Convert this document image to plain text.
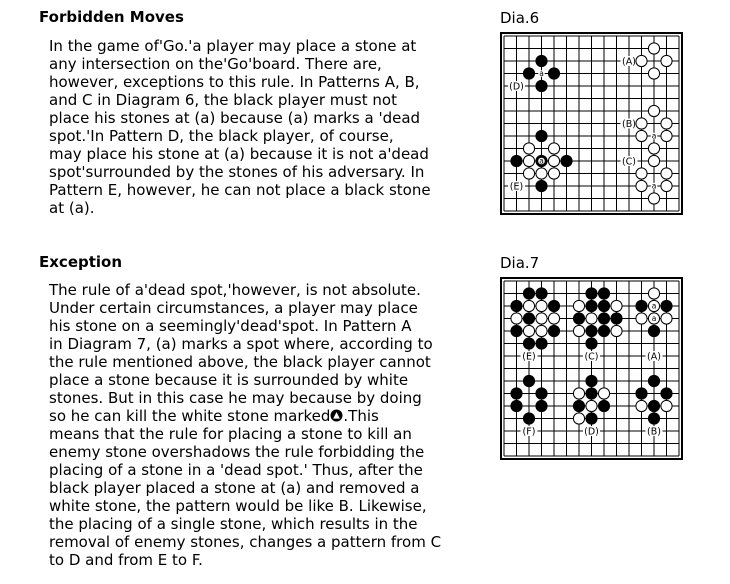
Forbidden Moves

In the game of'Go.'a player may place a stone at
any intersection on the'Go'board. There are,
however, exceptions to this rule. In Patterns A, B,
and C in Diagram 6, the black player must not
place his stones at (a) because (a) marks a 'dead
spot.'In Pattern D, the black player, of course,
may place his stone at (a) because it is not a'dead
spot'surrounded by the stones of his adversary. In
Pattern E, however, he can not place a black stone
at (a).

Dia.6

(A)
(D)
(B)
(C)
(E)
a
a
a
a
Exception

The rule of a'dead spot,'however, is not absolute.
Under certain circumstances, a player may place
his stone on a seemingly'dead'spot. In Pattern A
in Diagram 7, (a) marks a spot where, according to
the rule mentioned above, the black player cannot
place a stone because it is surrounded by white
stones. But in this case he may because by doing
so he can kill the white stone marked .This
means that the rule for placing a stone to kill an
enemy stone overshadows the rule forbidding the
placing of a stone in a 'dead spot.' Thus, after the
black player placed a stone at (a) and removed a
white stone, the pattern would be like B. Likewise,
the placing of a single stone, which results in the
removal of enemy stones, changes a pattern from C
to D and from E to F.

Dia.7

(E)	(C)	(A)
(F)	(D)	(B)
a
a
